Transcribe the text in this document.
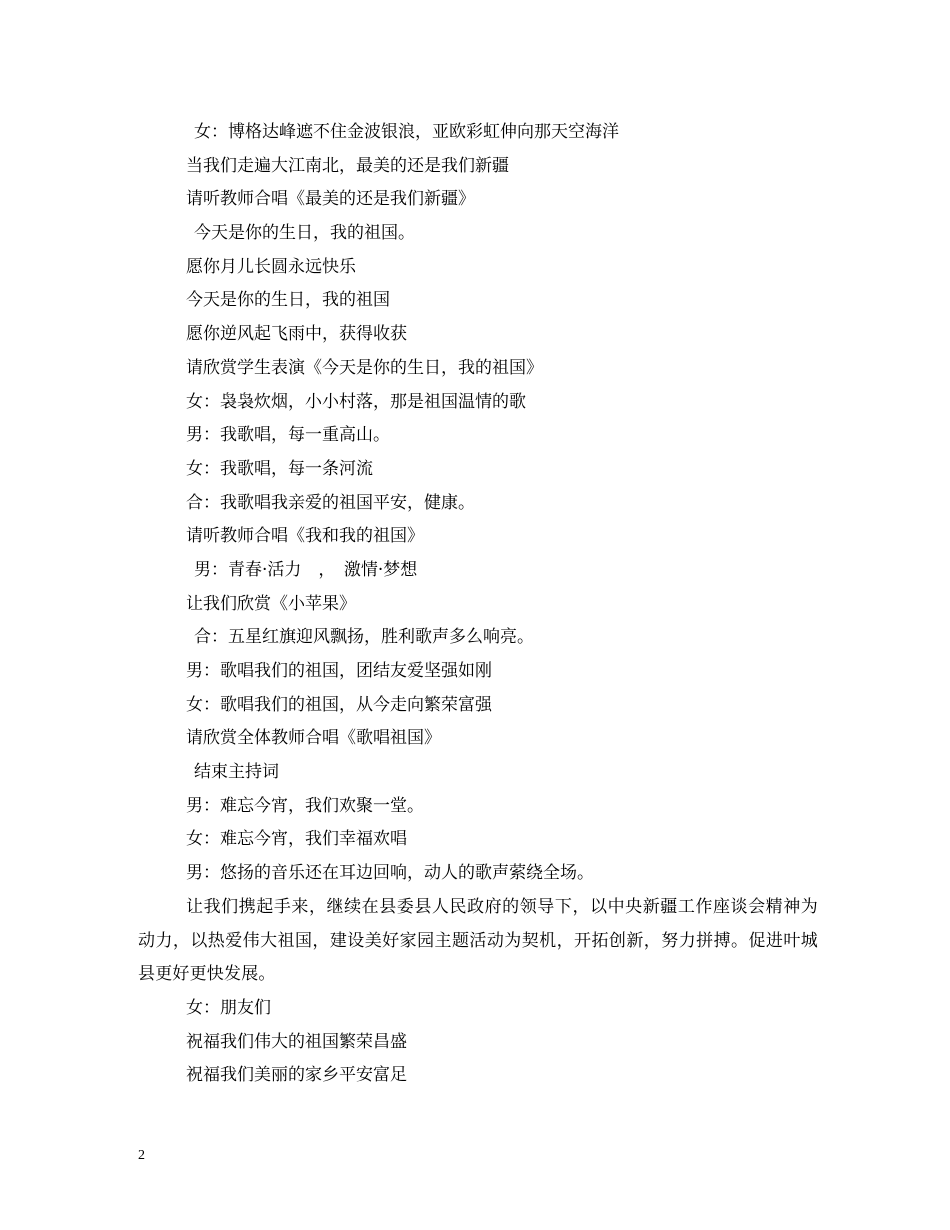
女：博格达峰遮不住金波银浪，亚欧彩虹伸向那天空海洋
当我们走遍大江南北，最美的还是我们新疆
请听教师合唱《最美的还是我们新疆》
今天是你的生日，我的祖国。
愿你月儿长圆永远快乐
今天是你的生日，我的祖国
愿你逆风起飞雨中，获得收获
请欣赏学生表演《今天是你的生日，我的祖国》
女：袅袅炊烟，小小村落，那是祖国温情的歌
男：我歌唱，每一重高山。
女：我歌唱，每一条河流
合：我歌唱我亲爱的祖国平安，健康。
请听教师合唱《我和我的祖国》
男：青春·活力　，　激情·梦想
让我们欣赏《小苹果》
合：五星红旗迎风飘扬，胜利歌声多么响亮。
男：歌唱我们的祖国，团结友爱坚强如刚
女：歌唱我们的祖国，从今走向繁荣富强
请欣赏全体教师合唱《歌唱祖国》
结束主持词
男：难忘今宵，我们欢聚一堂。
女：难忘今宵，我们幸福欢唱
男：悠扬的音乐还在耳边回响，动人的歌声萦绕全场。

让我们携起手来，继续在县委县人民政府的领导下，以中央新疆工作座谈会精神为动力，以热爱伟大祖国，建设美好家园主题活动为契机，开拓创新，努力拼搏。促进叶城县更好更快发展。

女：朋友们
祝福我们伟大的祖国繁荣昌盛
祝福我们美丽的家乡平安富足
2
